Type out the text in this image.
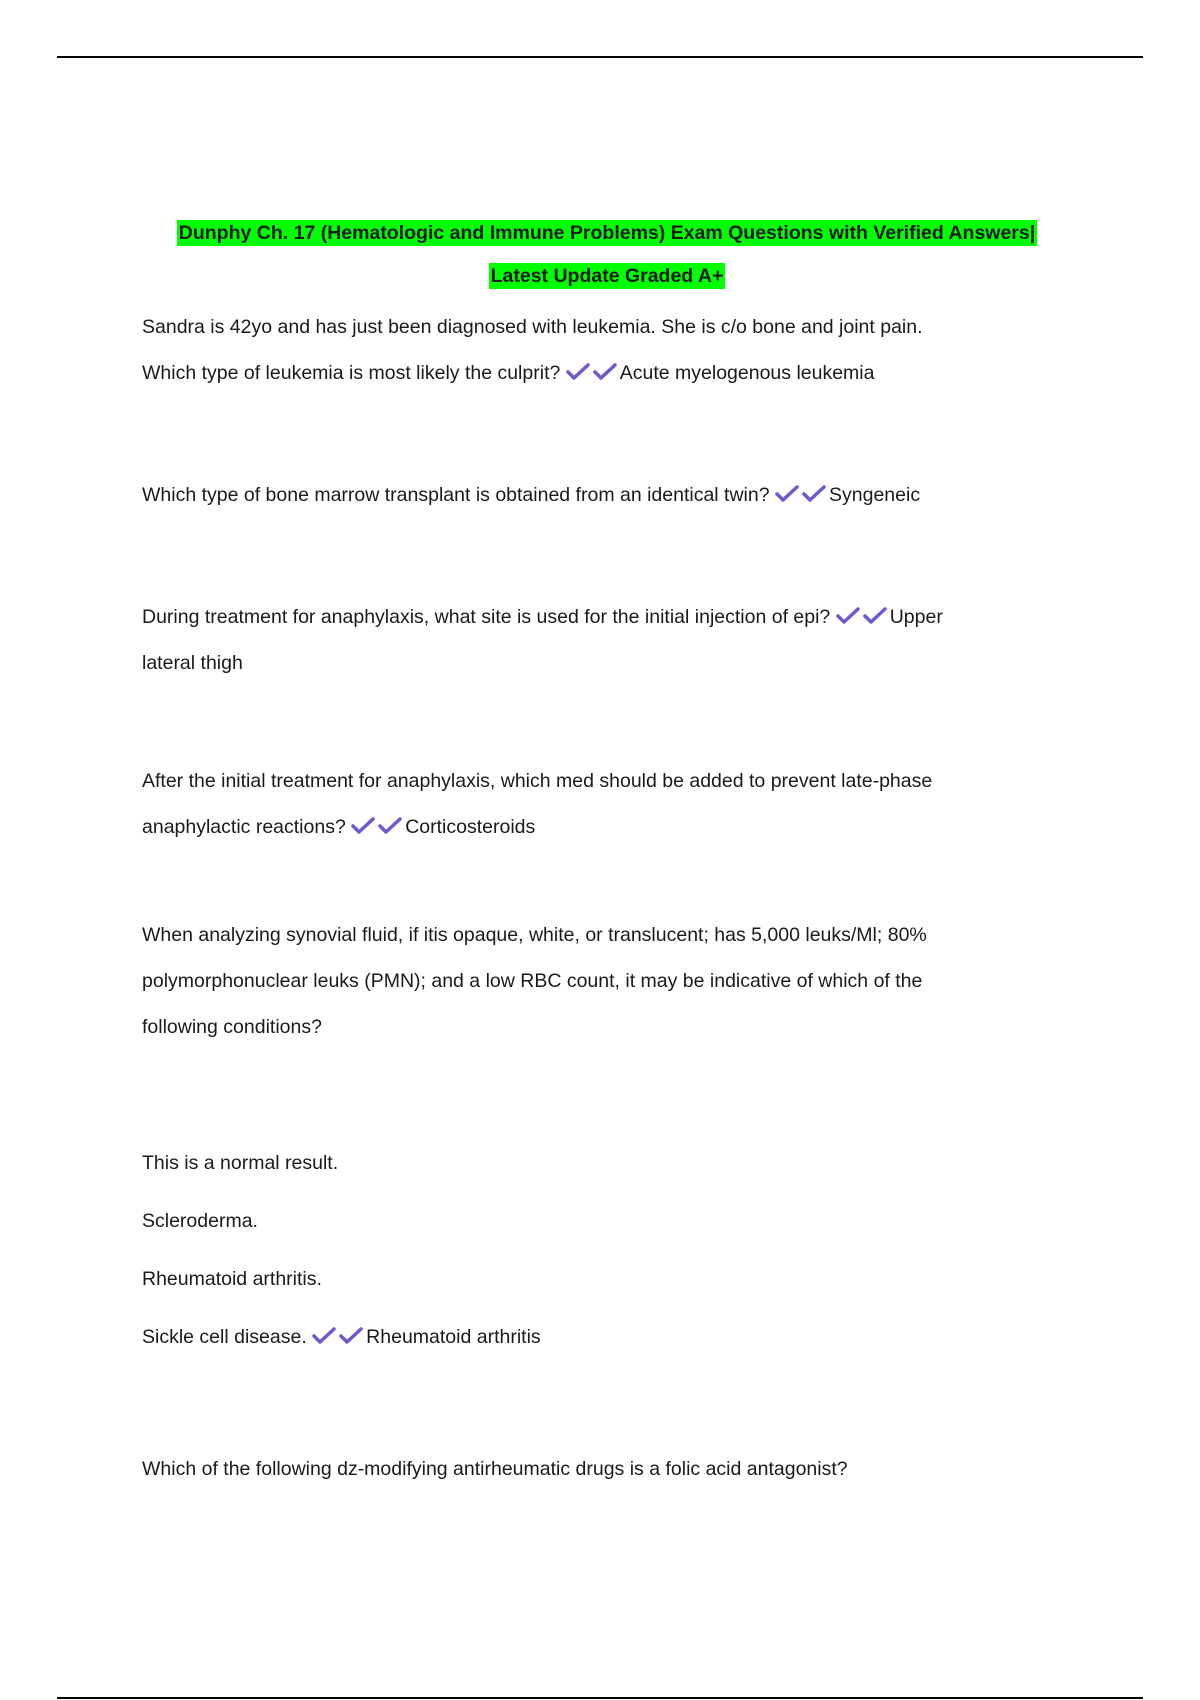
Dunphy Ch. 17 (Hematologic and Immune Problems) Exam Questions with Verified Answers|
Latest Update Graded A+

Sandra is 42yo and has just been diagnosed with leukemia. She is c/o bone and joint pain.
Which type of leukemia is most likely the culprit?	Acute myelogenous leukemia

Which type of bone marrow transplant is obtained from an identical twin?	Syngeneic

During treatment for anaphylaxis, what site is used for the initial injection of epi?	Upper
lateral thigh

After the initial treatment for anaphylaxis, which med should be added to prevent late-phase
anaphylactic reactions?	Corticosteroids

When analyzing synovial fluid, if itis opaque, white, or translucent; has 5,000 leuks/Ml; 80%
polymorphonuclear leuks (PMN); and a low RBC count, it may be indicative of which of the
following conditions?

This is a normal result.

Scleroderma.

Rheumatoid arthritis.

Sickle cell disease.	Rheumatoid arthritis

Which of the following dz-modifying antirheumatic drugs is a folic acid antagonist?
